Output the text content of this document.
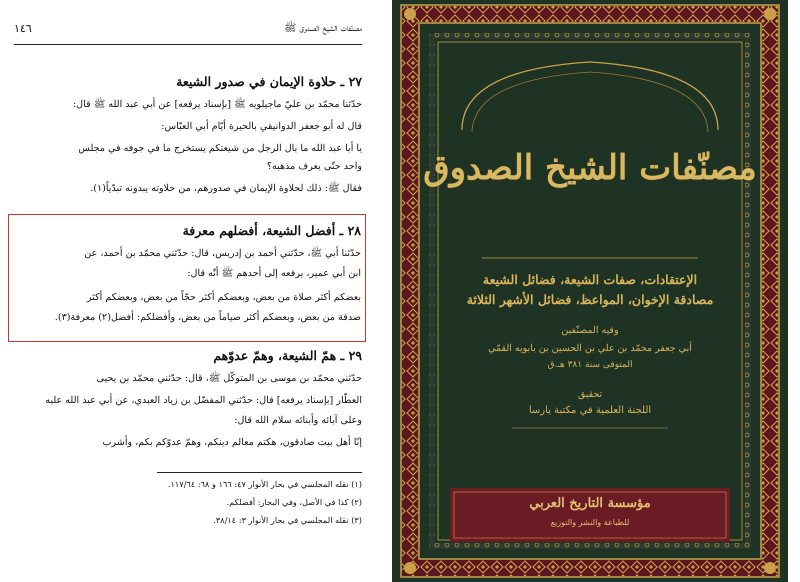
١٤٦	مصنّفات الشيخ الصدوق ﷺ
٢٧ ـ حلاوة الإيمان في صدور الشيعة
حدّثنا محمّد بن عليّ ماجيلويه ﷺ [بإسناد يرفعه] عن أبي عبد الله ﷺ قال:
قال له أبو جعفر الدوانيقي بالحيرة أيّام أبي العبّاس:
يا أبا عبد الله ما بال الرجل من شيعتكم يستخرج ما في جوفه في مجلس
واحد حتّى يعرف مذهبه؟
فقال ﷺ: ذلك لحلاوة الإيمان في صدورهم، من حلاوته يبدونه تبدّياً(١).
٢٨ ـ أفضل الشيعة، أفضلهم معرفة
حدّثنا أبي ﷺ، حدّثني أحمد بن إدريس، قال: حدّثني محمّد بن أحمد، عن
ابن أبي عمير، يرفعه إلى أحدهم ﷺ أنّه قال:
بعضكم أكثر صلاة من بعض، وبعضكم أكثر حجّاً من بعض، وبعضكم أكثر
صدقة من بعض، وبعضكم أكثر صياماً من بعض، وأفضلكم: أفضل(٢) معرفة(٣).
٢٩ ـ همّ الشيعة، وهمّ عدوّهم
حدّثني محمّد بن موسى بن المتوكّل ﷺ، قال: حدّثني محمّد بن يحيى
العطّار [بإسناد يرفعه] قال: حدّثني المفضّل بن زياد العبدي، عن أبي عبد الله عليه
وعلى آبائه وأبنائه سلام الله قال:
إنّا أهل بيت صادقون، هكتم معالم دينكم، وهمّ عدوّكم بكم، وأشرب
(١) نقله المجلسي في بحار الأنوار ٤٧: ١٦٦ و ٦٨: ١١٧/٦٤.
(٢) كذا في الأصل، وفي البحار: أفضلكم.
(٣) نقله المجلسي في بحار الأنوار ٣: ٣٨/١٤.
مصنّفات الشيخ الصدوق
الإعتقادات، صفات الشيعة، فضائل الشيعة
مصادقة الإخوان، المواعظ، فضائل الأشهر الثلاثة
وفيه المصنّفين
أبي جعفر محمّد بن علي بن الحسين بن بابويه القمّي
المتوفى سنة ٣٨١ هـ.ق
تحقيق
اللجنة العلمية في مكتبة يارسا
مؤسسة التاريخ العربي
للطباعة والنشر والتوزيع
